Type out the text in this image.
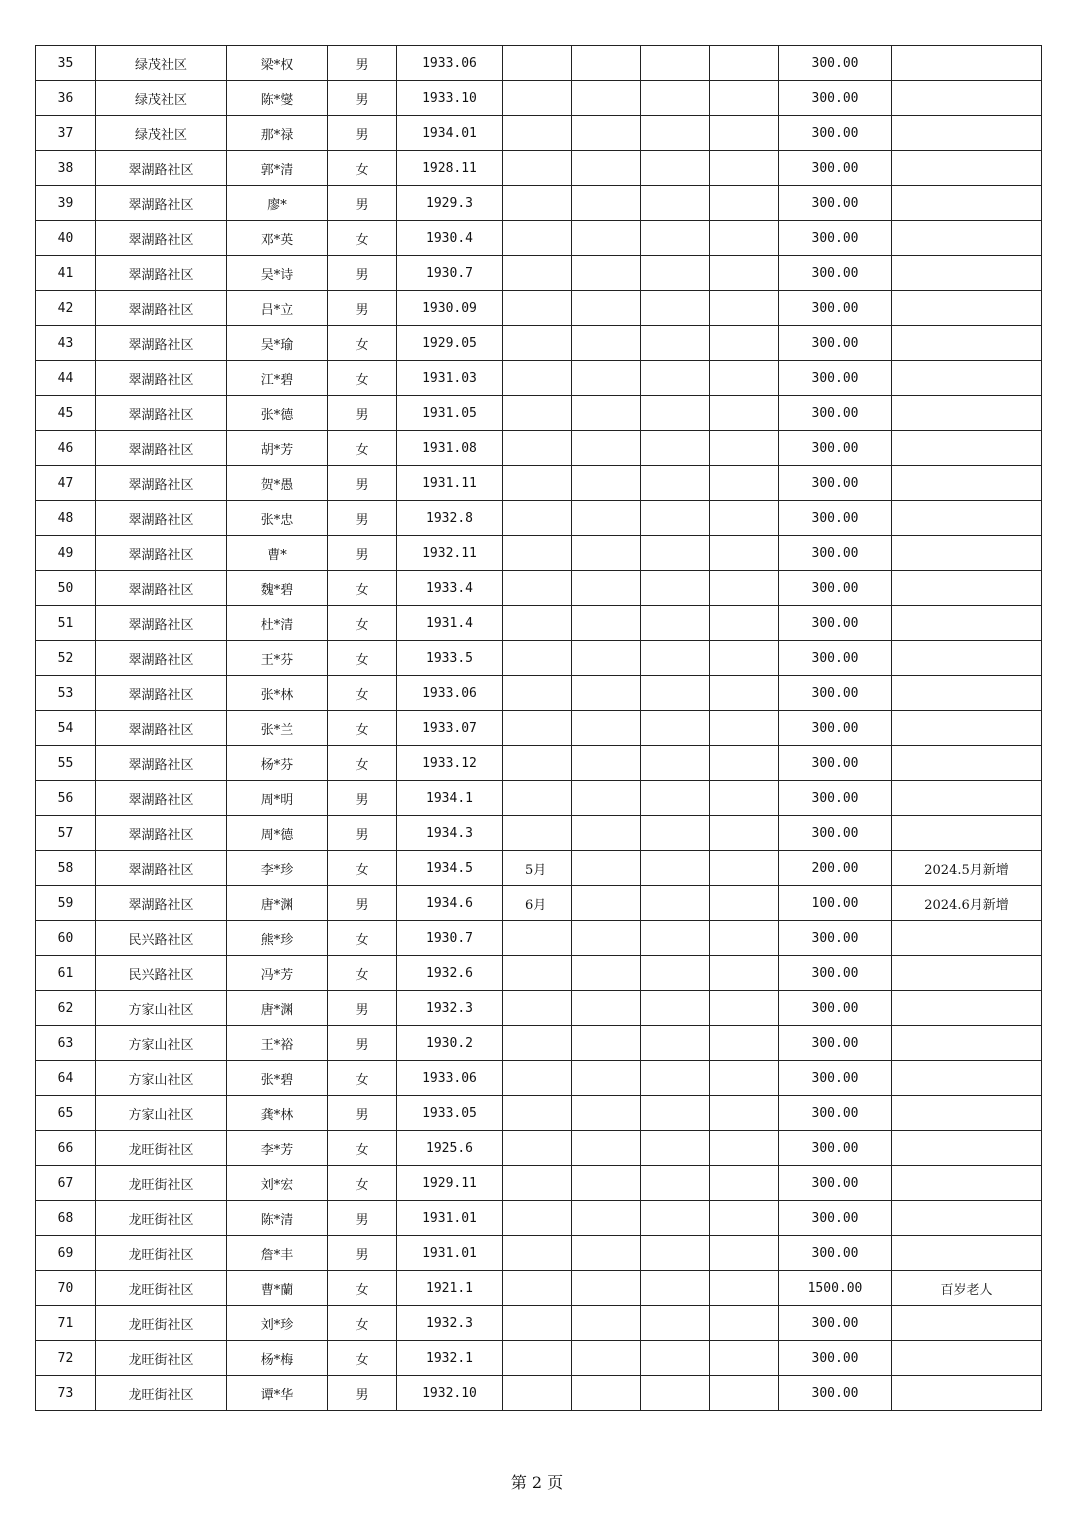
35	绿茂社区	梁*权	男	1933.06					300.00	
36	绿茂社区	陈*燮	男	1933.10					300.00	
37	绿茂社区	那*禄	男	1934.01					300.00	
38	翠湖路社区	郭*清	女	1928.11					300.00	
39	翠湖路社区	廖*	男	1929.3					300.00	
40	翠湖路社区	邓*英	女	1930.4					300.00	
41	翠湖路社区	吴*诗	男	1930.7					300.00	
42	翠湖路社区	吕*立	男	1930.09					300.00	
43	翠湖路社区	吴*瑜	女	1929.05					300.00	
44	翠湖路社区	江*碧	女	1931.03					300.00	
45	翠湖路社区	张*德	男	1931.05					300.00	
46	翠湖路社区	胡*芳	女	1931.08					300.00	
47	翠湖路社区	贺*愚	男	1931.11					300.00	
48	翠湖路社区	张*忠	男	1932.8					300.00	
49	翠湖路社区	曹*	男	1932.11					300.00	
50	翠湖路社区	魏*碧	女	1933.4					300.00	
51	翠湖路社区	杜*清	女	1931.4					300.00	
52	翠湖路社区	王*芬	女	1933.5					300.00	
53	翠湖路社区	张*林	女	1933.06					300.00	
54	翠湖路社区	张*兰	女	1933.07					300.00	
55	翠湖路社区	杨*芬	女	1933.12					300.00	
56	翠湖路社区	周*明	男	1934.1					300.00	
57	翠湖路社区	周*德	男	1934.3					300.00	
58	翠湖路社区	李*珍	女	1934.5	5月				200.00	2024.5月新增
59	翠湖路社区	唐*渊	男	1934.6	6月				100.00	2024.6月新增
60	民兴路社区	熊*珍	女	1930.7					300.00	
61	民兴路社区	冯*芳	女	1932.6					300.00	
62	方家山社区	唐*渊	男	1932.3					300.00	
63	方家山社区	王*裕	男	1930.2					300.00	
64	方家山社区	张*碧	女	1933.06					300.00	
65	方家山社区	龚*林	男	1933.05					300.00	
66	龙旺街社区	李*芳	女	1925.6					300.00	
67	龙旺街社区	刘*宏	女	1929.11					300.00	
68	龙旺街社区	陈*清	男	1931.01					300.00	
69	龙旺街社区	詹*丰	男	1931.01					300.00	
70	龙旺街社区	曹*蘭	女	1921.1					1500.00	百岁老人
71	龙旺街社区	刘*珍	女	1932.3					300.00	
72	龙旺街社区	杨*梅	女	1932.1					300.00	
73	龙旺街社区	谭*华	男	1932.10					300.00	
第 2 页
